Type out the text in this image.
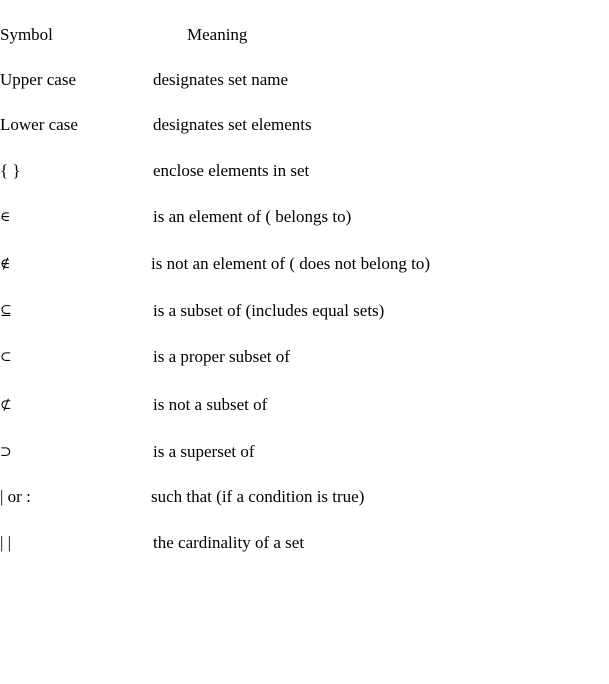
Symbol	Meaning
Upper case	designates set name
Lower case	designates set elements
{ }	enclose elements in set
∈	is an element of ( belongs to)
∉	is not an element of ( does not belong to)
⊆	is a subset of (includes equal sets)
⊂	is a proper subset of
⊄	is not a subset of
⊃	is a superset of
| or :	such that (if a condition is true)
| |	the cardinality of a set
